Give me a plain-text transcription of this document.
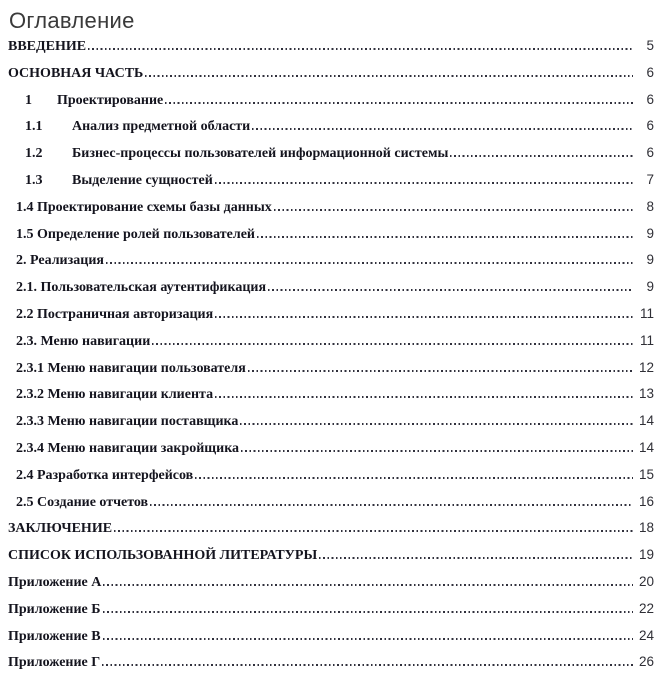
Оглавление
ВВЕДЕНИЕ	5
ОСНОВНАЯ ЧАСТЬ	6
1	Проектирование	6
1.1	Анализ предметной области	6
1.2	Бизнес-процессы пользователей информационной системы	6
1.3	Выделение сущностей	7
1.4 Проектирование схемы базы данных	8
1.5 Определение ролей пользователей	9
2. Реализация	9
2.1. Пользовательская аутентификация	9
2.2 Постраничная авторизация	11
2.3. Меню навигации	11
2.3.1 Меню навигации пользователя	12
2.3.2 Меню навигации клиента	13
2.3.3 Меню навигации поставщика	14
2.3.4 Меню навигации закройщика	14
2.4 Разработка интерфейсов	15
2.5 Создание отчетов	16
ЗАКЛЮЧЕНИЕ	18
СПИСОК ИСПОЛЬЗОВАННОЙ ЛИТЕРАТУРЫ	19
Приложение А	20
Приложение Б	22
Приложение В	24
Приложение Г	26
